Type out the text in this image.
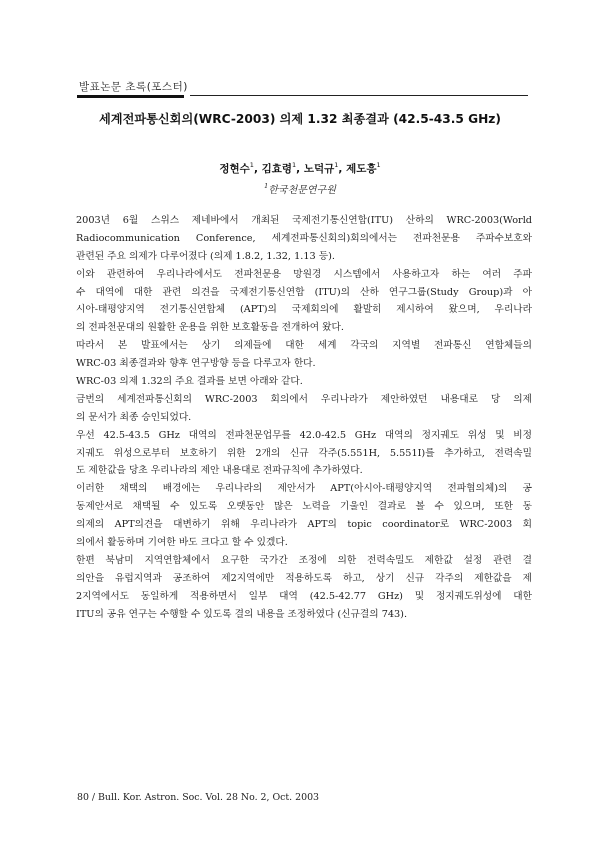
발표논문 초록(포스터)
세계전파통신회의(WRC-2003) 의제 1.32 최종결과 (42.5-43.5 GHz)
정현수$^1$, 김효령$^1$, 노덕규$^1$, 제도흥$^1$
$^1$한국천문연구원
2003년 6월 스위스 제네바에서 개최된 국제전기통신연합(ITU) 산하의 WRC-2003(World
Radiocommunication Conference, 세계전파통신회의)회의에서는 전파천문용 주파수보호와
관련된 주요 의제가 다루어졌다 (의제 1.8.2, 1.32, 1.13 등).
이와 관련하여 우리나라에서도 전파천문용 망원경 시스템에서 사용하고자 하는 여러 주파
수 대역에 대한 관련 의견을 국제전기통신연합 (ITU)의 산하 연구그룹(Study Group)과 아
시아-태평양지역 전기통신연합체 (APT)의 국제회의에 활발히 제시하여 왔으며, 우리나라
의 전파천문대의 원활한 운용을 위한 보호활동을 전개하여 왔다.
따라서 본 발표에서는 상기 의제들에 대한 세계 각국의 지역별 전파통신 연합체들의
WRC-03 최종결과와 향후 연구방향 등을 다루고자 한다.
WRC-03 의제 1.32의 주요 결과를 보면 아래와 같다.
금번의 세계전파통신회의 WRC-2003 회의에서 우리나라가 제안하였던 내용대로 당 의제
의 문서가 최종 승인되었다.
우선 42.5-43.5 GHz 대역의 전파천문업무를 42.0-42.5 GHz 대역의 정지궤도 위성 및 비정
지궤도 위성으로부터 보호하기 위한 2개의 신규 각주(5.551H, 5.551I)를 추가하고, 전력속밀
도 제한값을 당초 우리나라의 제안 내용대로 전파규칙에 추가하였다.
이러한 채택의 배경에는 우리나라의 제안서가 APT(아시아-태평양지역 전파협의체)의 공
동제안서로 채택될 수 있도록 오랫동안 많은 노력을 기울인 결과로 볼 수 있으며, 또한 동
의제의 APT의견을 대변하기 위해 우리나라가 APT의 topic coordinator로 WRC-2003 회
의에서 활동하며 기여한 바도 크다고 할 수 있겠다.
한편 북남미 지역연합체에서 요구한 국가간 조정에 의한 전력속밀도 제한값 설정 관련 결
의안을 유럽지역과 공조하여 제2지역에만 적용하도록 하고, 상기 신규 각주의 제한값을 제
2지역에서도 동일하게 적용하면서 일부 대역 (42.5-42.77 GHz) 및 정지궤도위성에 대한
ITU의 공유 연구는 수행할 수 있도록 결의 내용을 조정하였다 (신규결의 743).
80 / Bull. Kor. Astron. Soc. Vol. 28 No. 2, Oct. 2003
